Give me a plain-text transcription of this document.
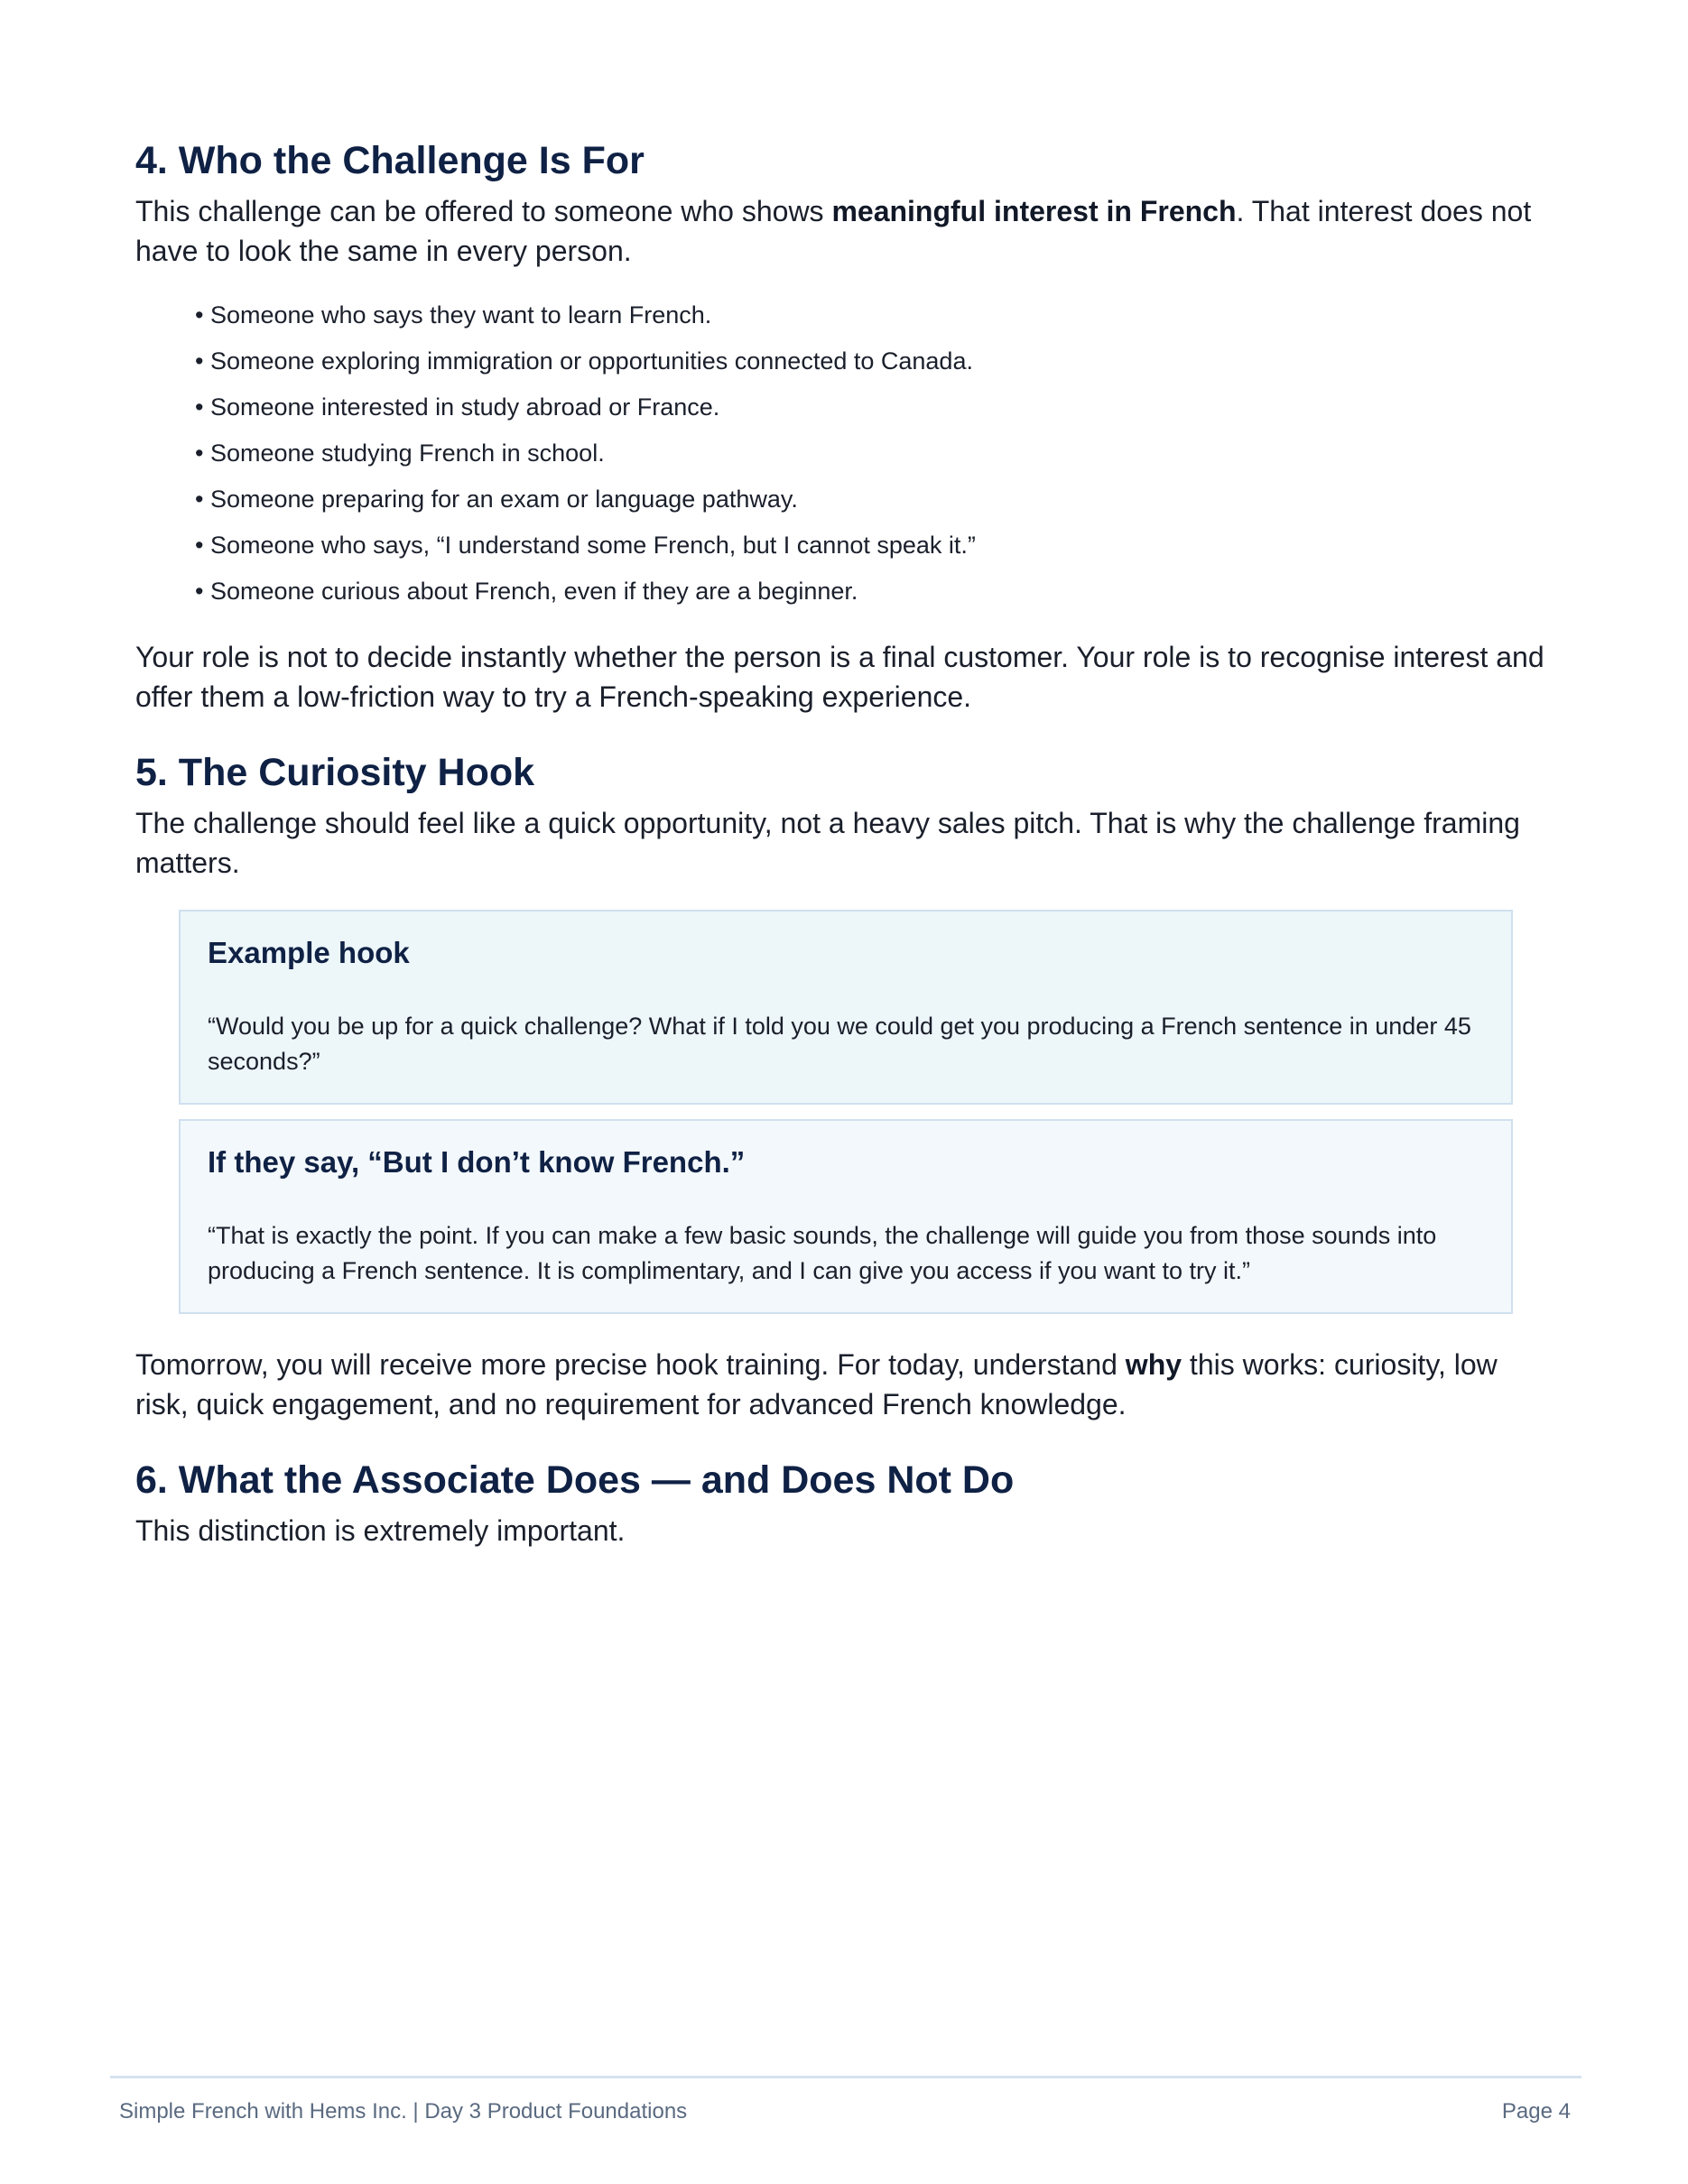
4. Who the Challenge Is For

This challenge can be offered to someone who shows meaningful interest in French. That interest does not have to look the same in every person.

• Someone who says they want to learn French.
• Someone exploring immigration or opportunities connected to Canada.
• Someone interested in study abroad or France.
• Someone studying French in school.
• Someone preparing for an exam or language pathway.
• Someone who says, “I understand some French, but I cannot speak it.”
• Someone curious about French, even if they are a beginner.

Your role is not to decide instantly whether the person is a final customer. Your role is to recognise interest and offer them a low-friction way to try a French-speaking experience.

5. The Curiosity Hook

The challenge should feel like a quick opportunity, not a heavy sales pitch. That is why the challenge framing matters.

Example hook

“Would you be up for a quick challenge? What if I told you we could get you producing a French sentence in under 45 seconds?”

If they say, “But I don’t know French.”

“That is exactly the point. If you can make a few basic sounds, the challenge will guide you from those sounds into producing a French sentence. It is complimentary, and I can give you access if you want to try it.”

Tomorrow, you will receive more precise hook training. For today, understand why this works: curiosity, low risk, quick engagement, and no requirement for advanced French knowledge.

6. What the Associate Does — and Does Not Do

This distinction is extremely important.

Simple French with Hems Inc. | Day 3 Product Foundations	Page 4
